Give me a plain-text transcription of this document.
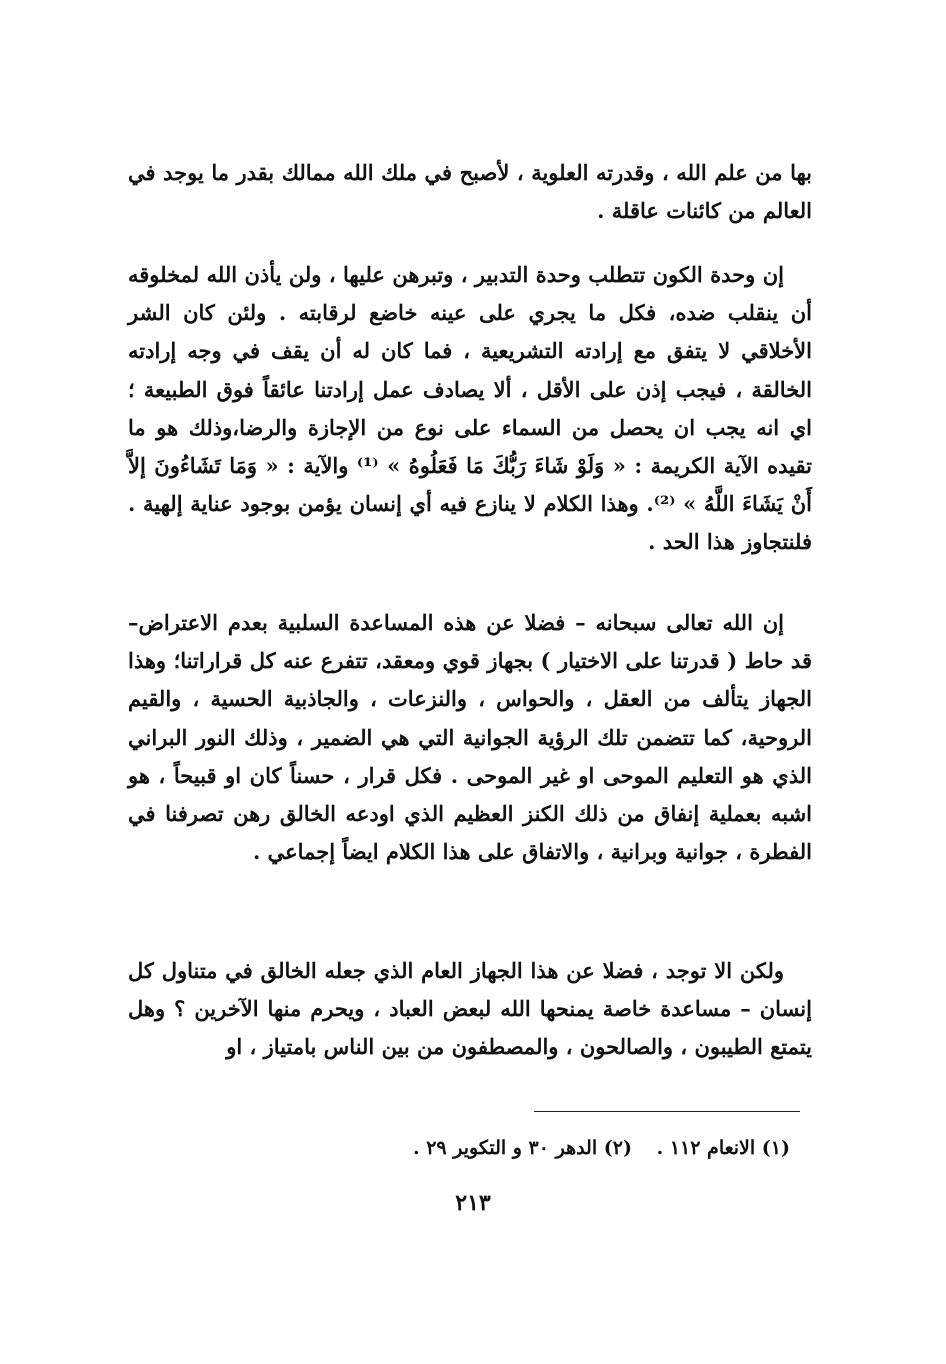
بها من علم الله ، وقدرته العلوية ، لأصبح في ملك الله ممالك بقدر ما يوجد في العالم من كائنات عاقلة .

إن وحدة الكون تتطلب وحدة التدبير ، وتبرهن عليها ، ولن يأذن الله لمخلوقه أن ينقلب ضده، فكل ما يجري على عينه خاضع لرقابته . ولئن كان الشر الأخلاقي لا يتفق مع إرادته التشريعية ، فما كان له أن يقف في وجه إرادته الخالقة ، فيجب إذن على الأقل ، ألا يصادف عمل إرادتنا عائقاً فوق الطبيعة ؛ اي انه يجب ان يحصل من السماء على نوع من الإجازة والرضا،وذلك هو ما تقيده الآية الكريمة : « وَلَوْ شَاءَ رَبُّكَ مَا فَعَلُوهُ » ⁽¹⁾ والآية : « وَمَا تَشَاءُونَ إلاَّ أَنْ يَشَاءَ اللَّهُ » ⁽²⁾. وهذا الكلام لا ينازع فيه أي إنسان يؤمن بوجود عناية إلهية . فلنتجاوز هذا الحد .

إن الله تعالى سبحانه – فضلا عن هذه المساعدة السلبية بعدم الاعتراض– قد حاط ( قدرتنا على الاختيار ) بجهاز قوي ومعقد، تتفرع عنه كل قراراتنا؛ وهذا الجهاز يتألف من العقل ، والحواس ، والنزعات ، والجاذبية الحسية ، والقيم الروحية، كما تتضمن تلك الرؤية الجوانية التي هي الضمير ، وذلك النور البراني الذي هو التعليم الموحى او غير الموحى . فكل قرار ، حسناً كان او قبيحاً ، هو اشبه بعملية إنفاق من ذلك الكنز العظيم الذي اودعه الخالق رهن تصرفنا في الفطرة ، جوانية وبرانية ، والاتفاق على هذا الكلام ايضاً إجماعي .

ولكن الا توجد ، فضلا عن هذا الجهاز العام الذي جعله الخالق في متناول كل إنسان – مساعدة خاصة يمنحها الله لبعض العباد ، ويحرم منها الآخرين ؟ وهل يتمتع الطيبون ، والصالحون ، والمصطفون من بين الناس بامتياز ، او

(١) الانعام ١١٢ . (٢) الدهر ٣٠ و التكوير ٢٩ .
٢١٣
